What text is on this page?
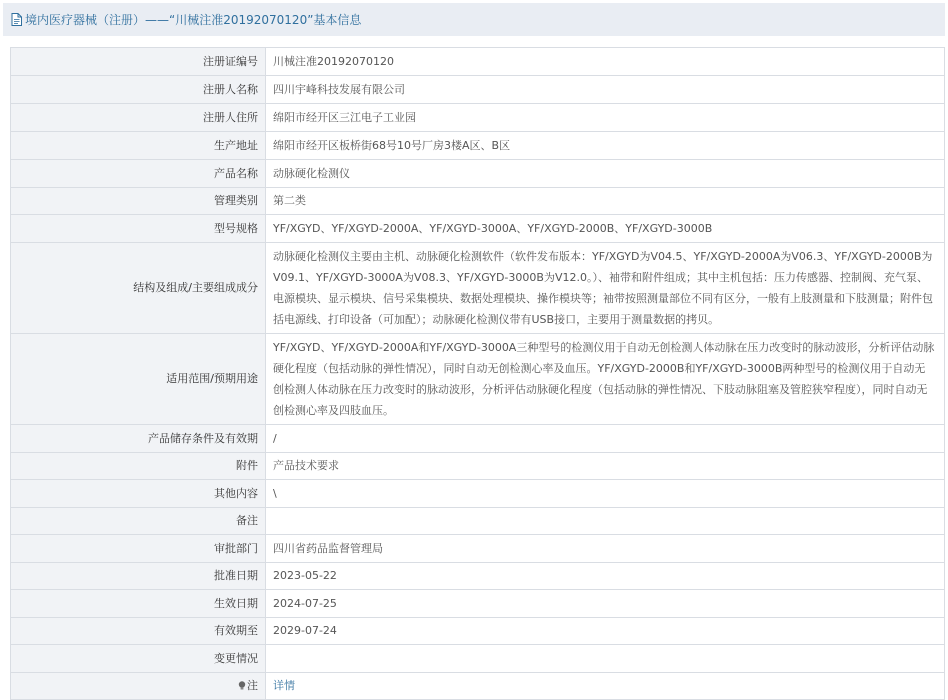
境内医疗器械（注册）——“川械注准20192070120”基本信息
注册证编号	川械注准20192070120
注册人名称	四川宇峰科技发展有限公司
注册人住所	绵阳市经开区三江电子工业园
生产地址	绵阳市经开区板桥街68号10号厂房3楼A区、B区
产品名称	动脉硬化检测仪
管理类别	第二类
型号规格	YF/XGYD、YF/XGYD-2000A、YF/XGYD-3000A、YF/XGYD-2000B、YF/XGYD-3000B
结构及组成/主要组成成分	动脉硬化检测仪主要由主机、动脉硬化检测软件（软件发布版本：YF/XGYD为V04.5、YF/XGYD-2000A为V06.3、YF/XGYD-2000B为V09.1、YF/XGYD-3000A为V08.3、YF/XGYD-3000B为V12.0。）、袖带和附件组成；其中主机包括：压力传感器、控制阀、充气泵、电源模块、显示模块、信号采集模块、数据处理模块、操作模块等；袖带按照测量部位不同有区分，一般有上肢测量和下肢测量；附件包括电源线、打印设备（可加配）；动脉硬化检测仪带有USB接口，主要用于测量数据的拷贝。
适用范围/预期用途	YF/XGYD、YF/XGYD-2000A和YF/XGYD-3000A三种型号的检测仪用于自动无创检测人体动脉在压力改变时的脉动波形，分析评估动脉硬化程度（包括动脉的弹性情况），同时自动无创检测心率及血压。YF/XGYD-2000B和YF/XGYD-3000B两种型号的检测仪用于自动无创检测人体动脉在压力改变时的脉动波形，分析评估动脉硬化程度（包括动脉的弹性情况、下肢动脉阻塞及管腔狭窄程度），同时自动无创检测心率及四肢血压。
产品储存条件及有效期	/
附件	产品技术要求
其他内容	\
备注	
审批部门	四川省药品监督管理局
批准日期	2023-05-22
生效日期	2024-07-25
有效期至	2029-07-24
变更情况	
注	详情
